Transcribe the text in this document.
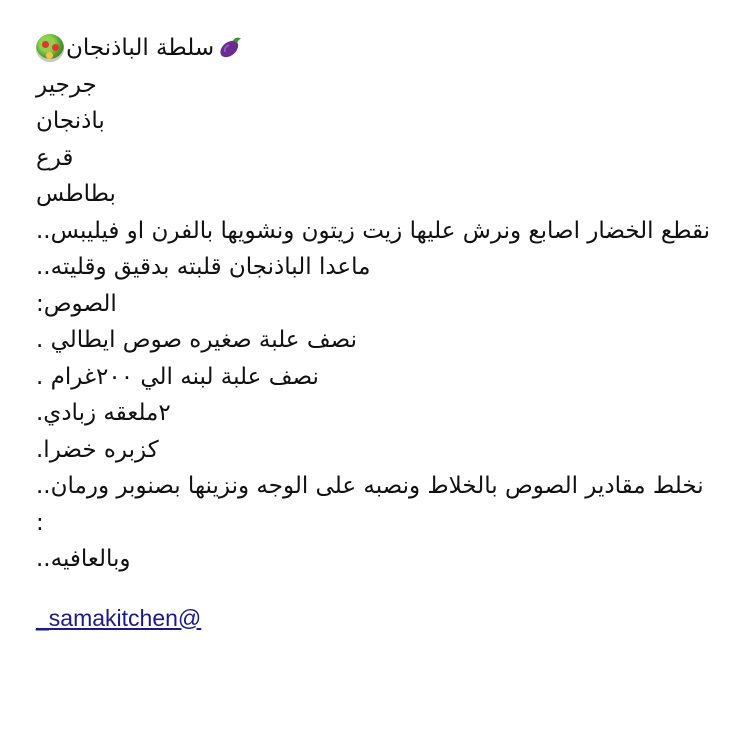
سلطة الباذنجان
جرجير
باذنجان
قرع
بطاطس
نقطع الخضار اصابع ونرش عليها زيت زيتون ونشويها بالفرن او فيليبس..
ماعدا الباذنجان قلبته بدقيق وقليته..
الصوص:
نصف علبة صغيره صوص ايطالي .
نصف علبة لبنه الي ٢٠٠غرام .
٢ملعقه زبادي.
كزبره خضرا.
نخلط مقادير الصوص بالخلاط ونصبه على الوجه ونزينها بصنوبر ورمان..
:
وبالعافيه..
_samakitchen@
